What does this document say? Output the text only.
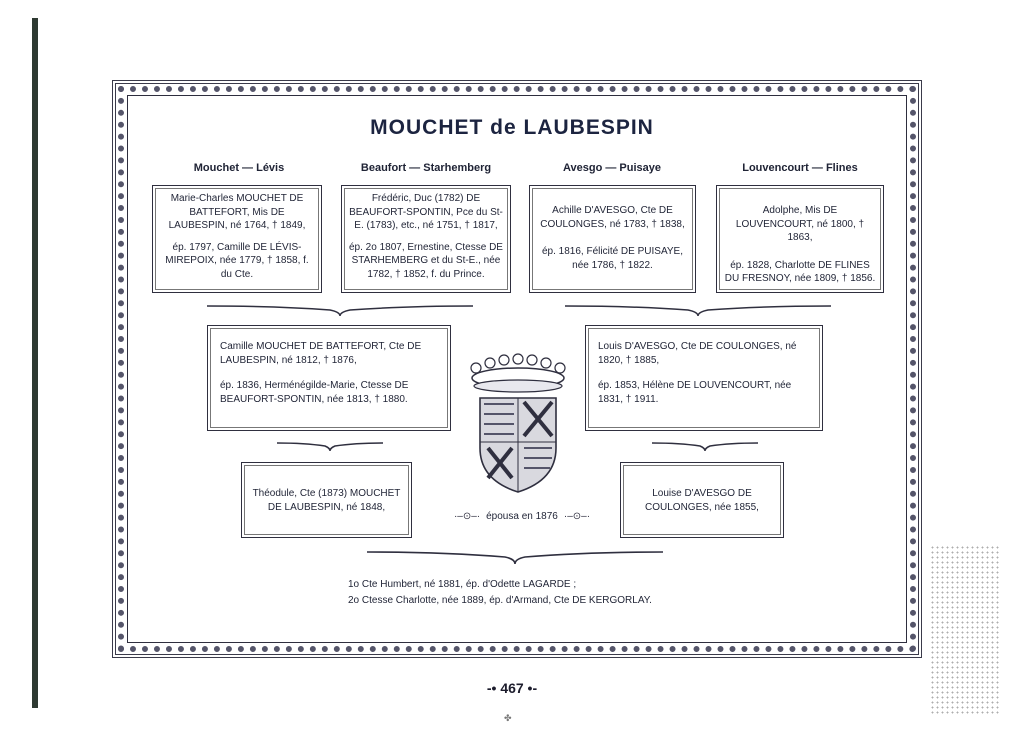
MOUCHET de LAUBESPIN
Mouchet — Lévis	Beaufort — Starhemberg	Avesgo — Puisaye	Louvencourt — Flines

Marie-Charles MOUCHET DE BATTEFORT, Mis DE LAUBESPIN, né 1764, † 1849,

ép. 1797, Camille DE LÉVIS-MIREPOIX, née 1779, † 1858, f. du Cte.

Frédéric, Duc (1782) DE BEAUFORT-SPONTIN, Pce du St-E. (1783), etc., né 1751, † 1817,

ép. 2o 1807, Ernestine, Ctesse DE STARHEMBERG et du St-E., née 1782, † 1852, f. du Prince.

Achille D'AVESGO, Cte DE COULONGES, né 1783, † 1838,

ép. 1816, Félicité DE PUISAYE, née 1786, † 1822.

Adolphe, Mis DE LOUVENCOURT, né 1800, † 1863,

ép. 1828, Charlotte DE FLINES DU FRESNOY, née 1809, † 1856.

Camille MOUCHET DE BATTEFORT, Cte DE LAUBESPIN, né 1812, † 1876,

ép. 1836, Herménégilde-Marie, Ctesse DE BEAUFORT-SPONTIN, née 1813, † 1880.

Louis D'AVESGO, Cte DE COULONGES, né 1820, † 1885,

ép. 1853, Hélène DE LOUVENCOURT, née 1831, † 1911.

Théodule, Cte (1873) MOUCHET DE LAUBESPIN, né 1848,

Louise D'AVESGO DE COULONGES, née 1855,

·–⊙–· épousa en 1876 ·–⊙–·

1o Cte Humbert, né 1881, ép. d'Odette LAGARDE ;

2o Ctesse Charlotte, née 1889, ép. d'Armand, Cte DE KERGORLAY.

-• 467 •-
✤
